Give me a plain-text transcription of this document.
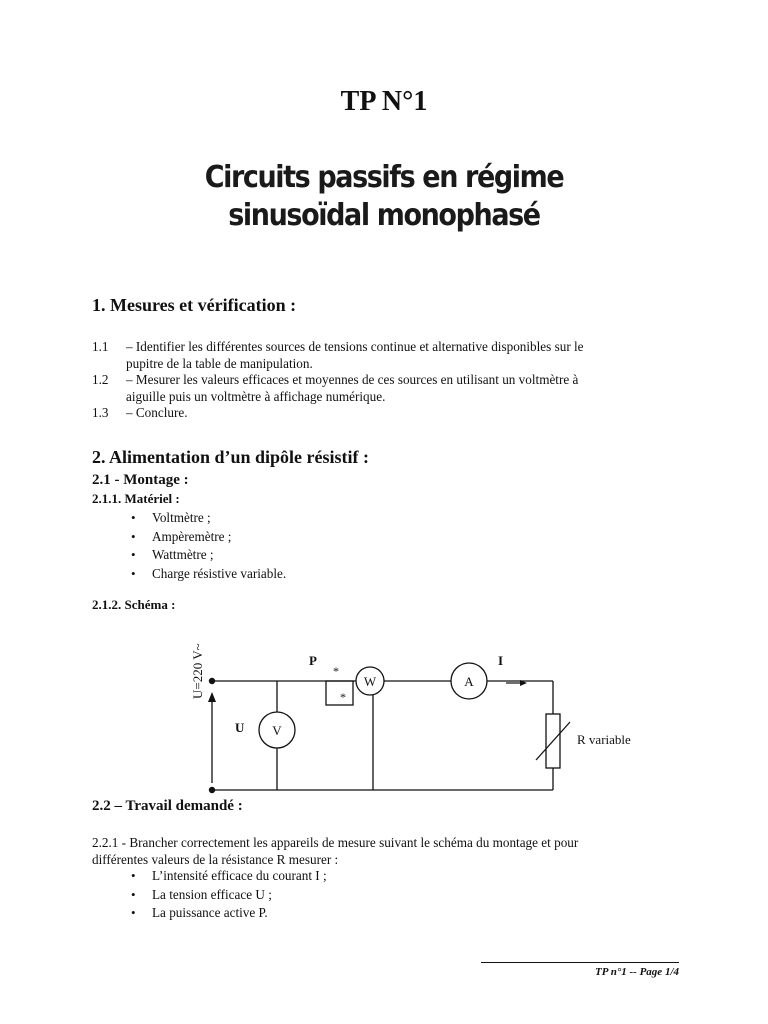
TP N°1
Circuits passifs en régime
sinusoïdal monophasé
1. Mesures et vérification :
1.1 – Identifier les différentes sources de tensions continue et alternative disponibles sur le
pupitre de la table de manipulation.
1.2 – Mesurer les valeurs efficaces et moyennes de ces sources en utilisant un voltmètre à
aiguille puis un voltmètre à affichage numérique.
1.3 – Conclure.
2. Alimentation d’un dipôle résistif :
2.1 - Montage :
2.1.1. Matériel :
• Voltmètre ;
• Ampèremètre ;
• Wattmètre ;
• Charge résistive variable.
2.1.2. Schéma :
U=220 V~	P	I
U
W	A
V
*
*
R variable
2.2 – Travail demandé :
2.2.1 - Brancher correctement les appareils de mesure suivant le schéma du montage et pour
différentes valeurs de la résistance R mesurer :
• L’intensité efficace du courant I ;
• La tension efficace U ;
• La puissance active P.
TP n°1 -- Page 1/4
